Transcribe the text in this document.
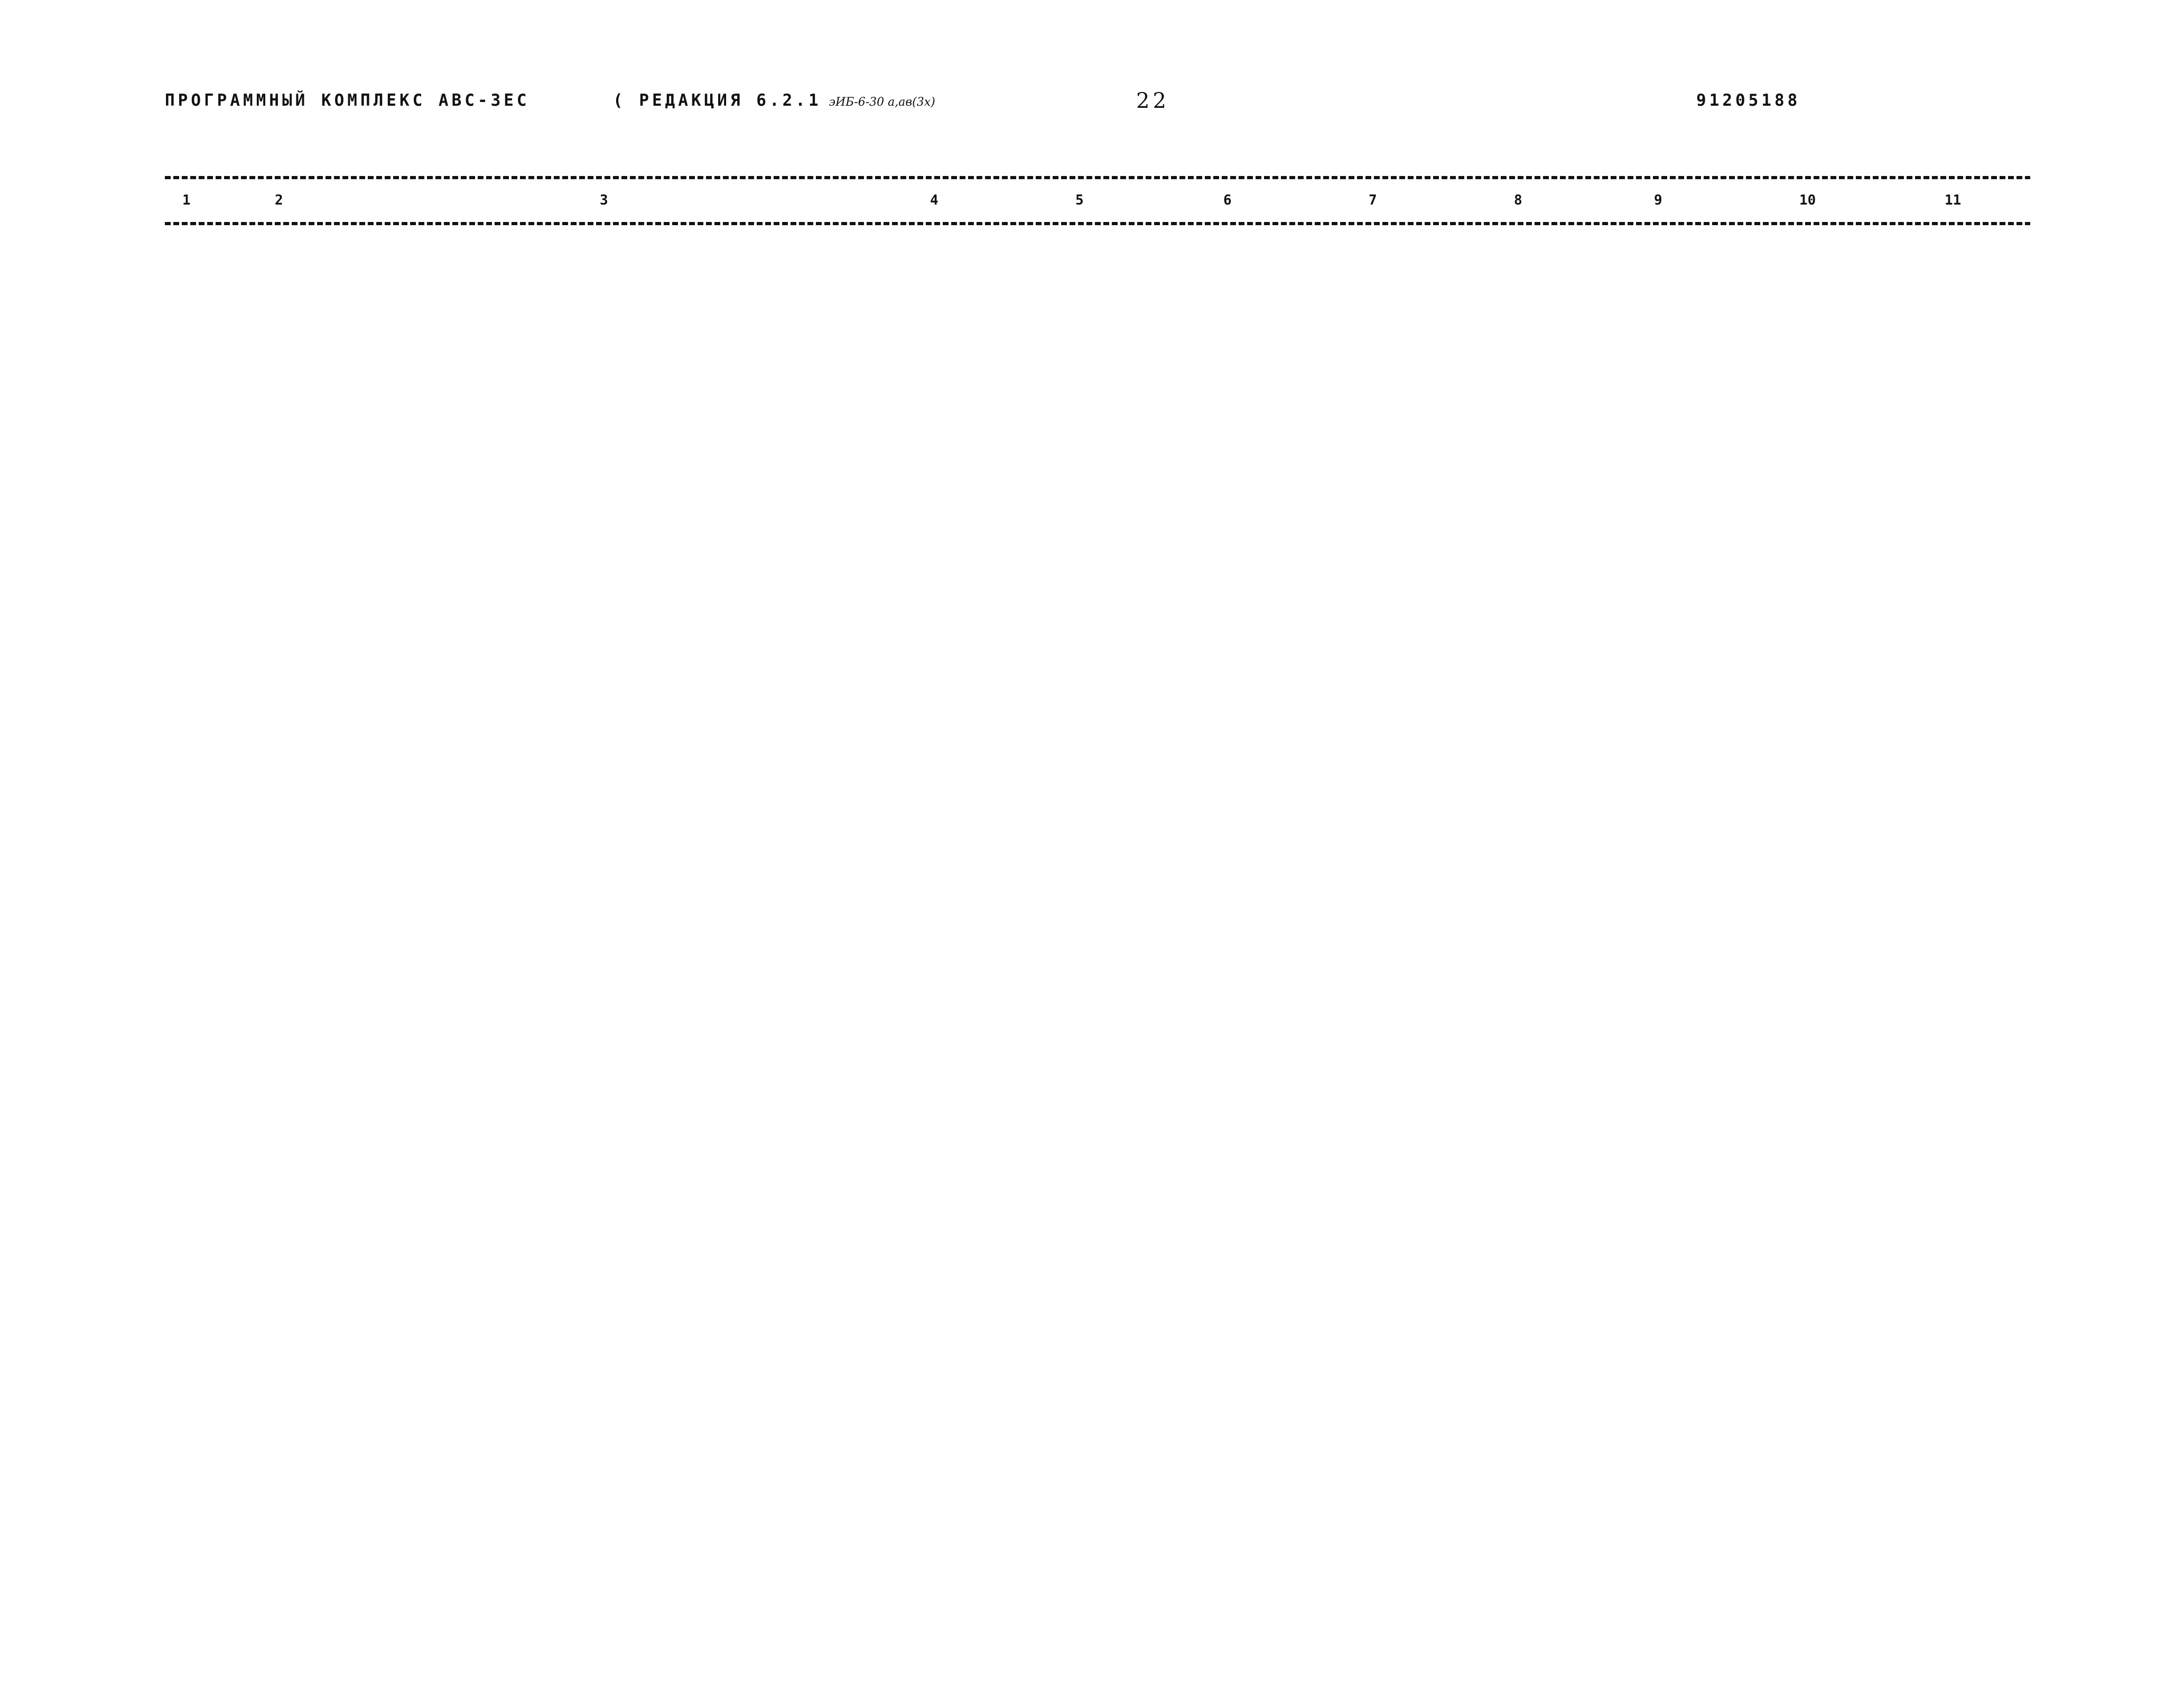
ПРОГРАММНЫЙ КОМПЛЕКС АВС-ЗЕС	( РЕДАКЦИЯ 6.2.1 эИБ-6-30 а,ав(3х)	22	91205188
1	2	3	4	5	6	7	8	9	10	11
